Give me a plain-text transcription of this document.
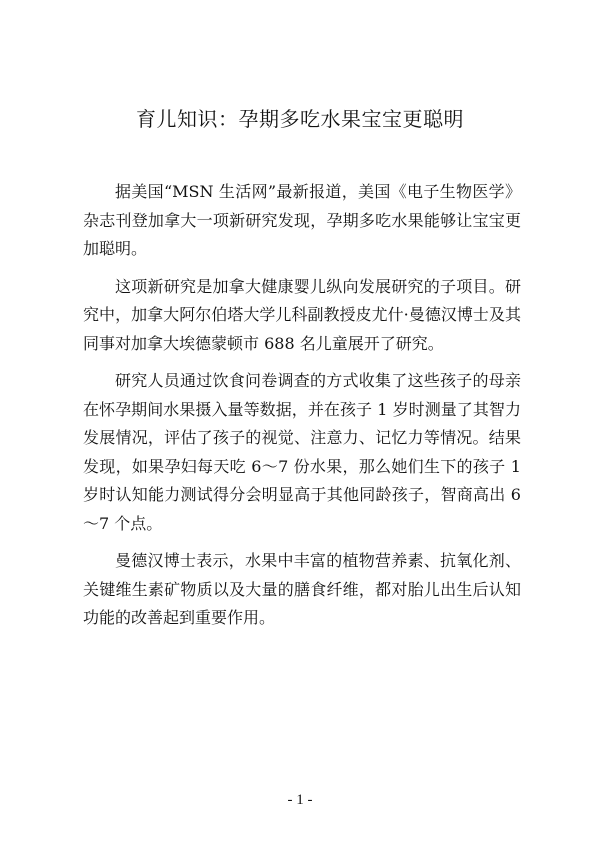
育儿知识：孕期多吃水果宝宝更聪明

据美国“MSN 生活网”最新报道，美国《电子生物医学》杂志刊登加拿大一项新研究发现，孕期多吃水果能够让宝宝更加聪明。

这项新研究是加拿大健康婴儿纵向发展研究的子项目。研究中，加拿大阿尔伯塔大学儿科副教授皮尤什·曼德汉博士及其同事对加拿大埃德蒙顿市 688 名儿童展开了研究。

研究人员通过饮食问卷调查的方式收集了这些孩子的母亲在怀孕期间水果摄入量等数据，并在孩子 1 岁时测量了其智力发展情况，评估了孩子的视觉、注意力、记忆力等情况。结果发现，如果孕妇每天吃 6～7 份水果，那么她们生下的孩子 1 岁时认知能力测试得分会明显高于其他同龄孩子，智商高出 6～7 个点。

曼德汉博士表示，水果中丰富的植物营养素、抗氧化剂、关键维生素矿物质以及大量的膳食纤维，都对胎儿出生后认知功能的改善起到重要作用。

- 1 -
